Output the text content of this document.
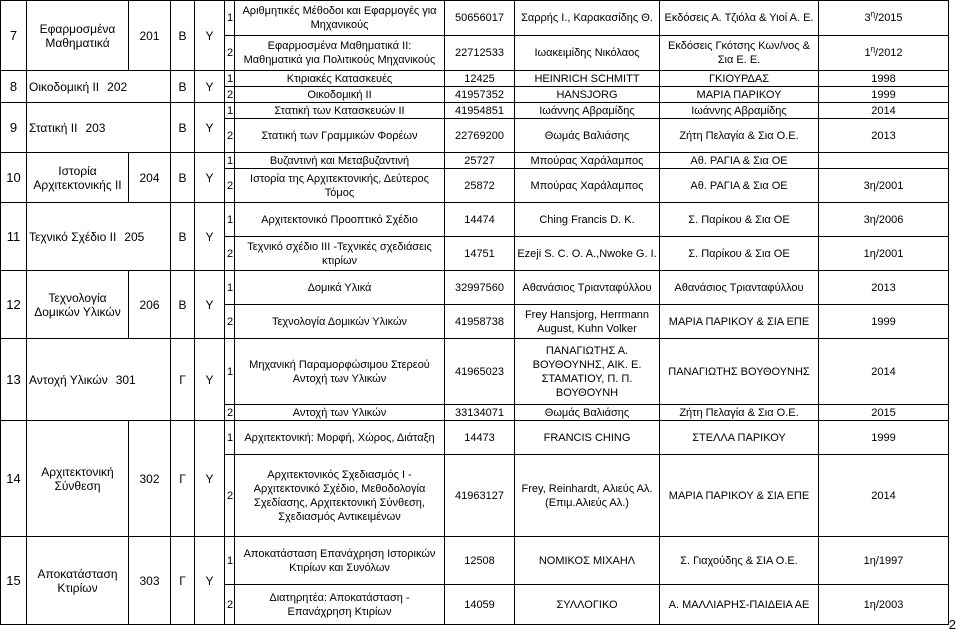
7	Εφαρμοσμένα Μαθηματικά	201	Β	Υ	1	Αριθμητικές Μέθοδοι και Εφαρμογές για Μηχανικούς	50656017	Σαρρής Ι., Καρακασίδης Θ.	Εκδόσεις Α. Τζιόλα & Υιοί Α. Ε.	$3^\eta/2015$
					2	Εφαρμοσμένα Μαθηματικά ΙΙ: Μαθηματικά για Πολιτικούς Μηχανικούς	22712533	Ιωακειμίδης Νικόλαος	Εκδόσεις Γκότσης Κων/νος & Σια Ε. Ε.	$1^\eta/2012$
8	Οικοδομική ΙΙ 202		Β	Υ	1	Κτιριακές Κατασκευές	12425	HEINRICH SCHMITT	ΓΚΙΟΥΡΔΑΣ	1998
					2	Οικοδομική ΙΙ	41957352	HANSJORG	ΜΑΡΙΑ ΠΑΡΙΚΟΥ	1999
9	Στατική ΙΙ 203		Β	Υ	1	Στατική των Κατασκευών ΙΙ	41954851	Ιωάννης Αβραμίδης	Ιωάννης Αβραμίδης	2014
					2	Στατική των Γραμμικών Φορέων	22769200	Θωμάς Βαλιάσης	Ζήτη Πελαγία & Σια Ο.Ε.	2013
10	Ιστορία Αρχιτεκτονικής ΙΙ	204	Β	Υ	1	Βυζαντινή και Μεταβυζαντινή	25727	Μπούρας Χαράλαμπος	Αθ. ΡΑΓΙΑ & Σια ΟΕ	
					2	Ιστορία της Αρχιτεκτονικής, Δεύτερος Τόμος	25872	Μπούρας Χαράλαμπος	Αθ. ΡΑΓΙΑ & Σια ΟΕ	3η/2001
11	Τεχνικό Σχέδιο ΙΙ 205		Β	Υ	1	Αρχιτεκτονικό Προοπτικό Σχέδιο	14474	Ching Francis D. K.	Σ. Παρίκου & Σια ΟΕ	3η/2006
					2	Τεχνικό σχέδιο ΙΙΙ -Τεχνικές σχεδιάσεις κτιρίων	14751	Ezeji S. C. O. A.,Nwoke G. I.	Σ. Παρίκου & Σια ΟΕ	1η/2001
12	Τεχνολογία Δομικών Υλικών	206	Β	Υ	1	Δομικά Υλικά	32997560	Αθανάσιος Τριανταφύλλου	Αθανάσιος Τριανταφύλλου	2013
					2	Τεχνολογία Δομικών Υλικών	41958738	Frey Hansjorg, Herrmann August, Kuhn Volker	ΜΑΡΙΑ ΠΑΡΙΚΟΥ & ΣΙΑ ΕΠΕ	1999
13	Αντοχή Υλικών 301		Γ	Υ	1	Μηχανική Παραμορφώσιμου Στερεού Αντοχή των Υλικών	41965023	ΠΑΝΑΓΙΩΤΗΣ Α. ΒΟΥΘΟΥΝΗΣ, ΑΙΚ. Ε. ΣΤΑΜΑΤΙΟΥ, Π. Π. ΒΟΥΘΟΥΝΗ	ΠΑΝΑΓΙΩΤΗΣ ΒΟΥΘΟΥΝΗΣ	2014
					2	Αντοχή των Υλικών	33134071	Θωμάς Βαλιάσης	Ζήτη Πελαγία & Σια Ο.Ε.	2015
14	Αρχιτεκτονική Σύνθεση	302	Γ	Υ	1	Αρχιτεκτονική: Μορφή, Χώρος, Διάταξη	14473	FRANCIS CHING	ΣΤΕΛΛΑ ΠΑΡΙΚΟΥ	1999
					2	Αρχιτεκτονικός Σχεδιασμός Ι - Αρχιτεκτονικό Σχέδιο, Μεθοδολογία Σχεδίασης, Αρχιτεκτονική Σύνθεση, Σχεδιασμός Αντικειμένων	41963127	Frey, Reinhardt, Αλιεύς Αλ. (Επιμ.Αλιεύς Αλ.)	ΜΑΡΙΑ ΠΑΡΙΚΟΥ & ΣΙΑ ΕΠΕ	2014
15	Αποκατάσταση Κτιρίων	303	Γ	Υ	1	Αποκατάσταση Επανάχρηση Ιστορικών Κτιρίων και Συνόλων	12508	ΝΟΜΙΚΟΣ ΜΙΧΑΗΛ	Σ. Γιαχούδης & ΣΙΑ Ο.Ε.	1η/1997
					2	Διατηρητέα: Αποκατάσταση - Επανάχρηση Κτιρίων	14059	ΣΥΛΛΟΓΙΚΟ	Α. ΜΑΛΛΙΑΡΗΣ-ΠΑΙΔΕΙΑ ΑΕ	1η/2003
2
